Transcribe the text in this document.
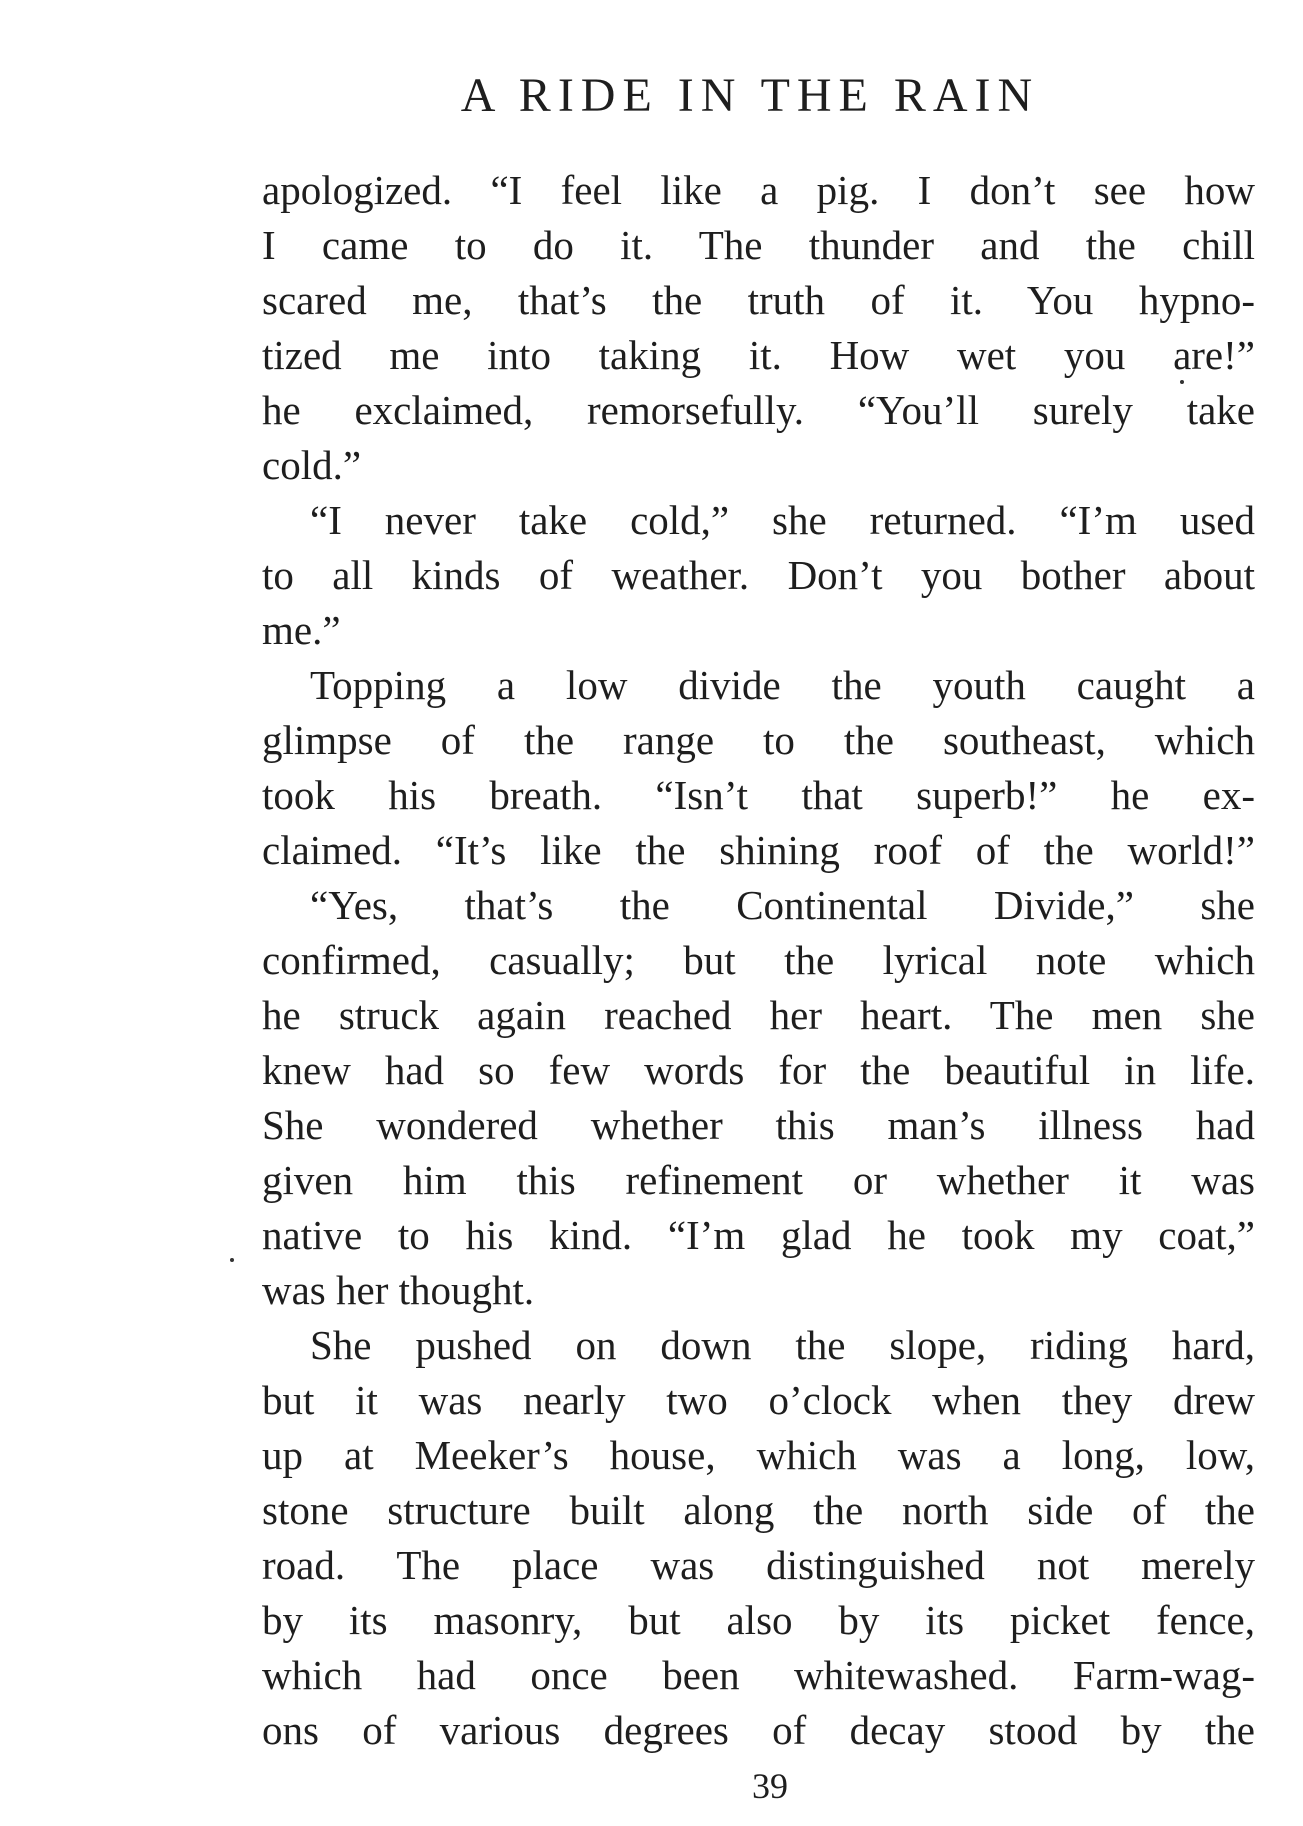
A RIDE IN THE RAIN
apologized. “I feel like a pig. I don’t see how
I came to do it. The thunder and the chill
scared me, that’s the truth of it. You hypno-
tized me into taking it. How wet you are!”
he exclaimed, remorsefully. “You’ll surely take
cold.”
“I never take cold,” she returned. “I’m used
to all kinds of weather. Don’t you bother about
me.”
Topping a low divide the youth caught a
glimpse of the range to the southeast, which
took his breath. “Isn’t that superb!” he ex-
claimed. “It’s like the shining roof of the world!”
“Yes, that’s the Continental Divide,” she
confirmed, casually; but the lyrical note which
he struck again reached her heart. The men she
knew had so few words for the beautiful in life.
She wondered whether this man’s illness had
given him this refinement or whether it was
native to his kind. “I’m glad he took my coat,”
was her thought.
She pushed on down the slope, riding hard,
but it was nearly two o’clock when they drew
up at Meeker’s house, which was a long, low,
stone structure built along the north side of the
road. The place was distinguished not merely
by its masonry, but also by its picket fence,
which had once been whitewashed. Farm-wag-
ons of various degrees of decay stood by the
39
